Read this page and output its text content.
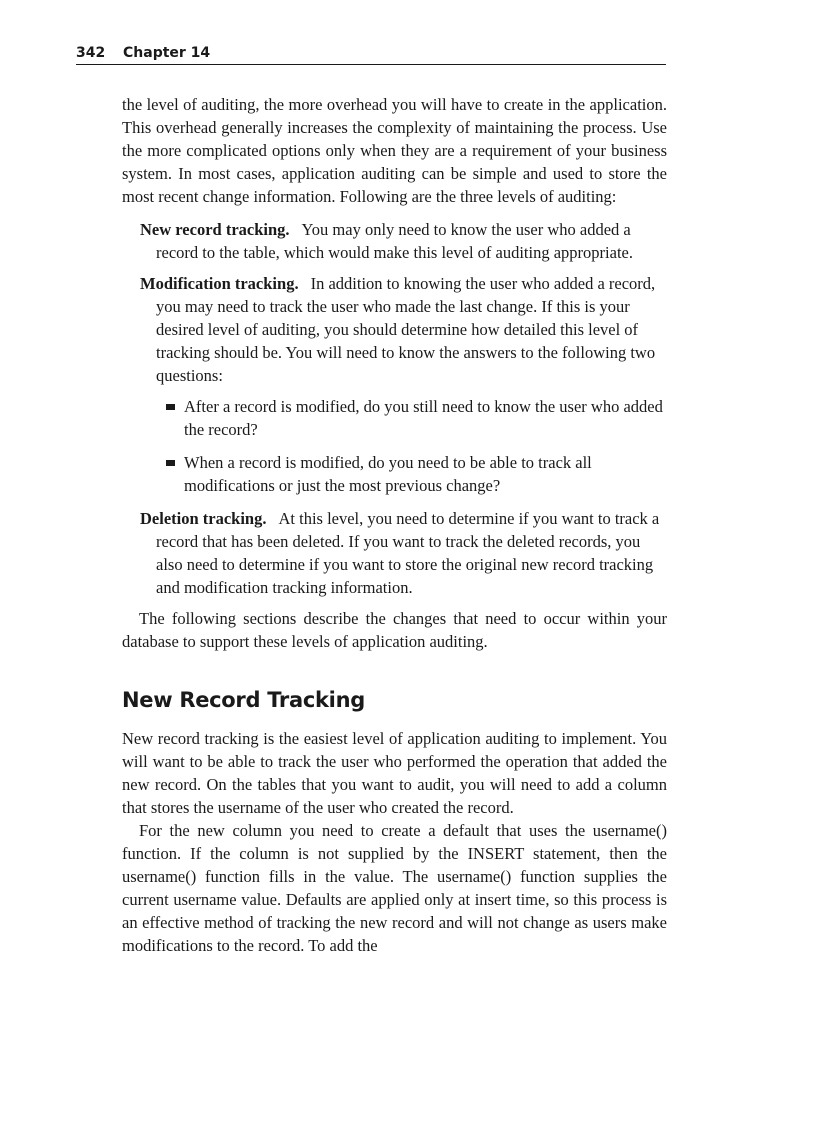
342 Chapter 14

the level of auditing, the more overhead you will have to create in the application. This overhead generally increases the complexity of maintaining the process. Use the more complicated options only when they are a requirement of your business system. In most cases, application auditing can be simple and used to store the most recent change information. Following are the three levels of auditing:

New record tracking. You may only need to know the user who added a record to the table, which would make this level of auditing appropriate.

Modification tracking. In addition to knowing the user who added a record, you may need to track the user who made the last change. If this is your desired level of auditing, you should determine how detailed this level of tracking should be. You will need to know the answers to the following two questions:
After a record is modified, do you still need to know the user who added the record?
When a record is modified, do you need to be able to track all modifications or just the most previous change?

Deletion tracking. At this level, you need to determine if you want to track a record that has been deleted. If you want to track the deleted records, you also need to determine if you want to store the original new record tracking and modification tracking information.

The following sections describe the changes that need to occur within your database to support these levels of application auditing.

New Record Tracking

New record tracking is the easiest level of application auditing to implement. You will want to be able to track the user who performed the operation that added the new record. On the tables that you want to audit, you will need to add a column that stores the username of the user who created the record.

For the new column you need to create a default that uses the username() function. If the column is not supplied by the INSERT statement, then the username() function fills in the value. The username() function supplies the current username value. Defaults are applied only at insert time, so this process is an effective method of tracking the new record and will not change as users make modifications to the record. To add the
